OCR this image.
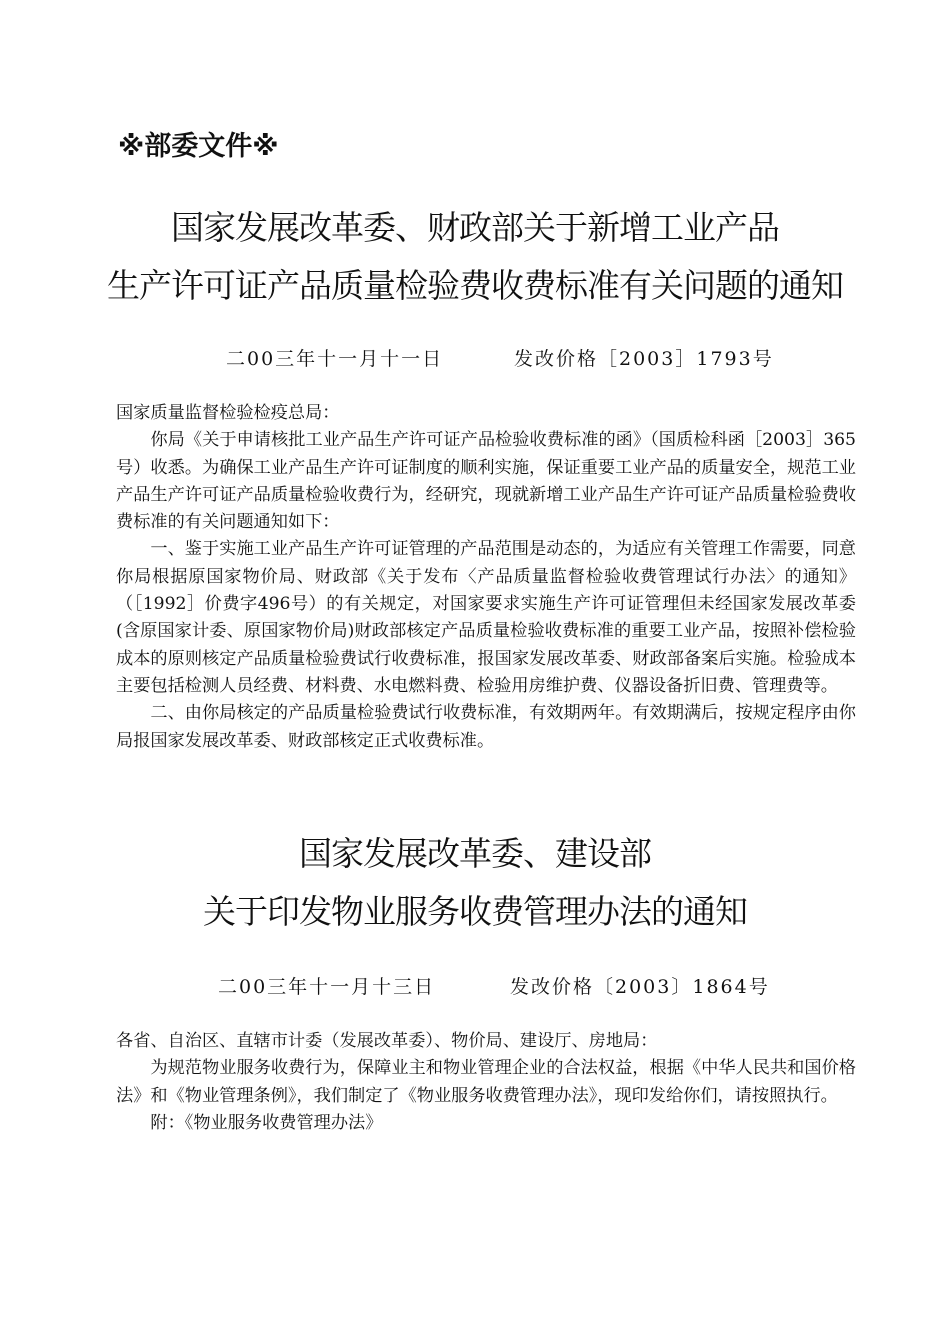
※部委文件※
国家发展改革委、财政部关于新增工业产品
生产许可证产品质量检验费收费标准有关问题的通知
二00三年十一月十一日	发改价格［2003］1793号

国家质量监督检验检疫总局：

你局《关于申请核批工业产品生产许可证产品检验收费标准的函》（国质检科函［2003］365号）收悉。为确保工业产品生产许可证制度的顺利实施，保证重要工业产品的质量安全，规范工业产品生产许可证产品质量检验收费行为，经研究，现就新增工业产品生产许可证产品质量检验费收费标准的有关问题通知如下：

一、鉴于实施工业产品生产许可证管理的产品范围是动态的，为适应有关管理工作需要，同意你局根据原国家物价局、财政部《关于发布〈产品质量监督检验收费管理试行办法〉的通知》（［1992］价费字496号）的有关规定，对国家要求实施生产许可证管理但未经国家发展改革委(含原国家计委、原国家物价局)财政部核定产品质量检验收费标准的重要工业产品，按照补偿检验成本的原则核定产品质量检验费试行收费标准，报国家发展改革委、财政部备案后实施。检验成本主要包括检测人员经费、材料费、水电燃料费、检验用房维护费、仪器设备折旧费、管理费等。

二、由你局核定的产品质量检验费试行收费标准，有效期两年。有效期满后，按规定程序由你局报国家发展改革委、财政部核定正式收费标准。

国家发展改革委、建设部
关于印发物业服务收费管理办法的通知
二00三年十一月十三日	发改价格〔2003〕1864号

各省、自治区、直辖市计委（发展改革委）、物价局、建设厅、房地局：

为规范物业服务收费行为，保障业主和物业管理企业的合法权益，根据《中华人民共和国价格法》和《物业管理条例》，我们制定了《物业服务收费管理办法》，现印发给你们，请按照执行。

附：《物业服务收费管理办法》
